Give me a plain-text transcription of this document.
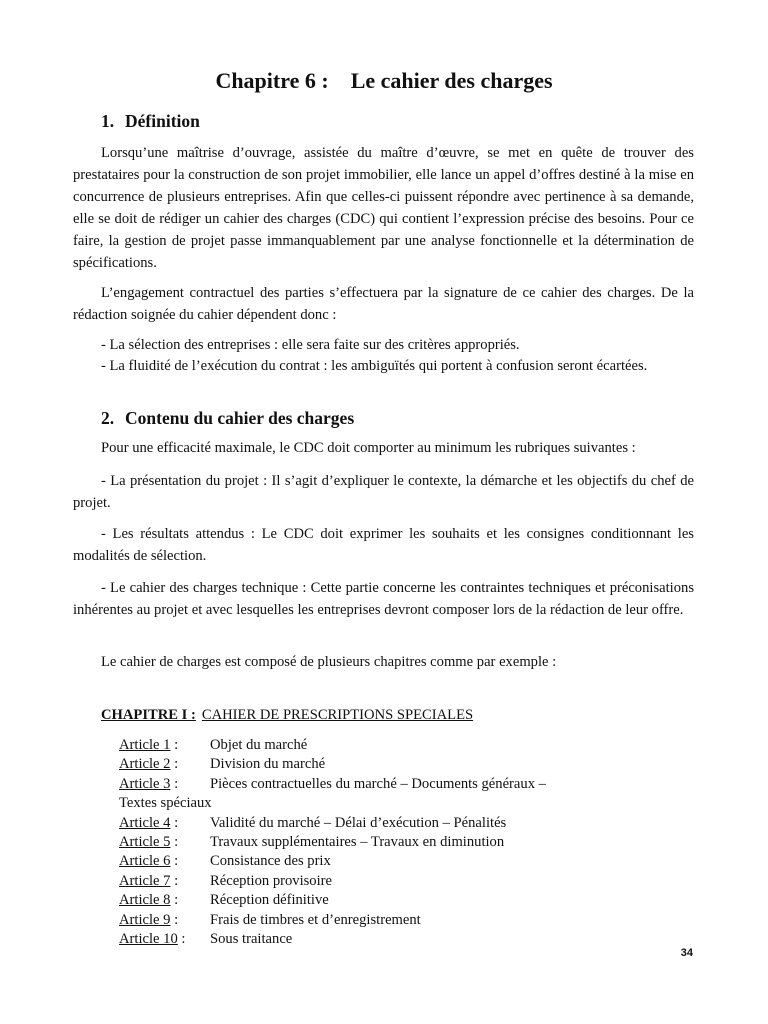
Chapitre 6 : Le cahier des charges
1. Définition

Lorsqu’une maîtrise d’ouvrage, assistée du maître d’œuvre, se met en quête de trouver des prestataires pour la construction de son projet immobilier, elle lance un appel d’offres destiné à la mise en concurrence de plusieurs entreprises. Afin que celles-ci puissent répondre avec pertinence à sa demande, elle se doit de rédiger un cahier des charges (CDC) qui contient l’expression précise des besoins. Pour ce faire, la gestion de projet passe immanquablement par une analyse fonctionnelle et la détermination de spécifications.

L’engagement contractuel des parties s’effectuera par la signature de ce cahier des charges. De la rédaction soignée du cahier dépendent donc :

- La sélection des entreprises : elle sera faite sur des critères appropriés.
- La fluidité de l’exécution du contrat : les ambiguïtés qui portent à confusion seront écartées.
2. Contenu du cahier des charges
Pour une efficacité maximale, le CDC doit comporter au minimum les rubriques suivantes :

- La présentation du projet : Il s’agit d’expliquer le contexte, la démarche et les objectifs du chef de projet.

- Les résultats attendus : Le CDC doit exprimer les souhaits et les consignes conditionnant les modalités de sélection.

- Le cahier des charges technique : Cette partie concerne les contraintes techniques et préconisations inhérentes au projet et avec lesquelles les entreprises devront composer lors de la rédaction de leur offre.

Le cahier de charges est composé de plusieurs chapitres comme par exemple :
CHAPITRE I : CAHIER DE PRESCRIPTIONS SPECIALES
Article 1 :	Objet du marché
Article 2 :	Division du marché
Article 3 :	Pièces contractuelles du marché – Documents généraux –
Textes spéciaux
Article 4 :	Validité du marché – Délai d’exécution – Pénalités
Article 5 :	Travaux supplémentaires – Travaux en diminution
Article 6 :	Consistance des prix
Article 7 :	Réception provisoire
Article 8 :	Réception définitive
Article 9 :	Frais de timbres et d’enregistrement
Article 10 :	Sous traitance
34
